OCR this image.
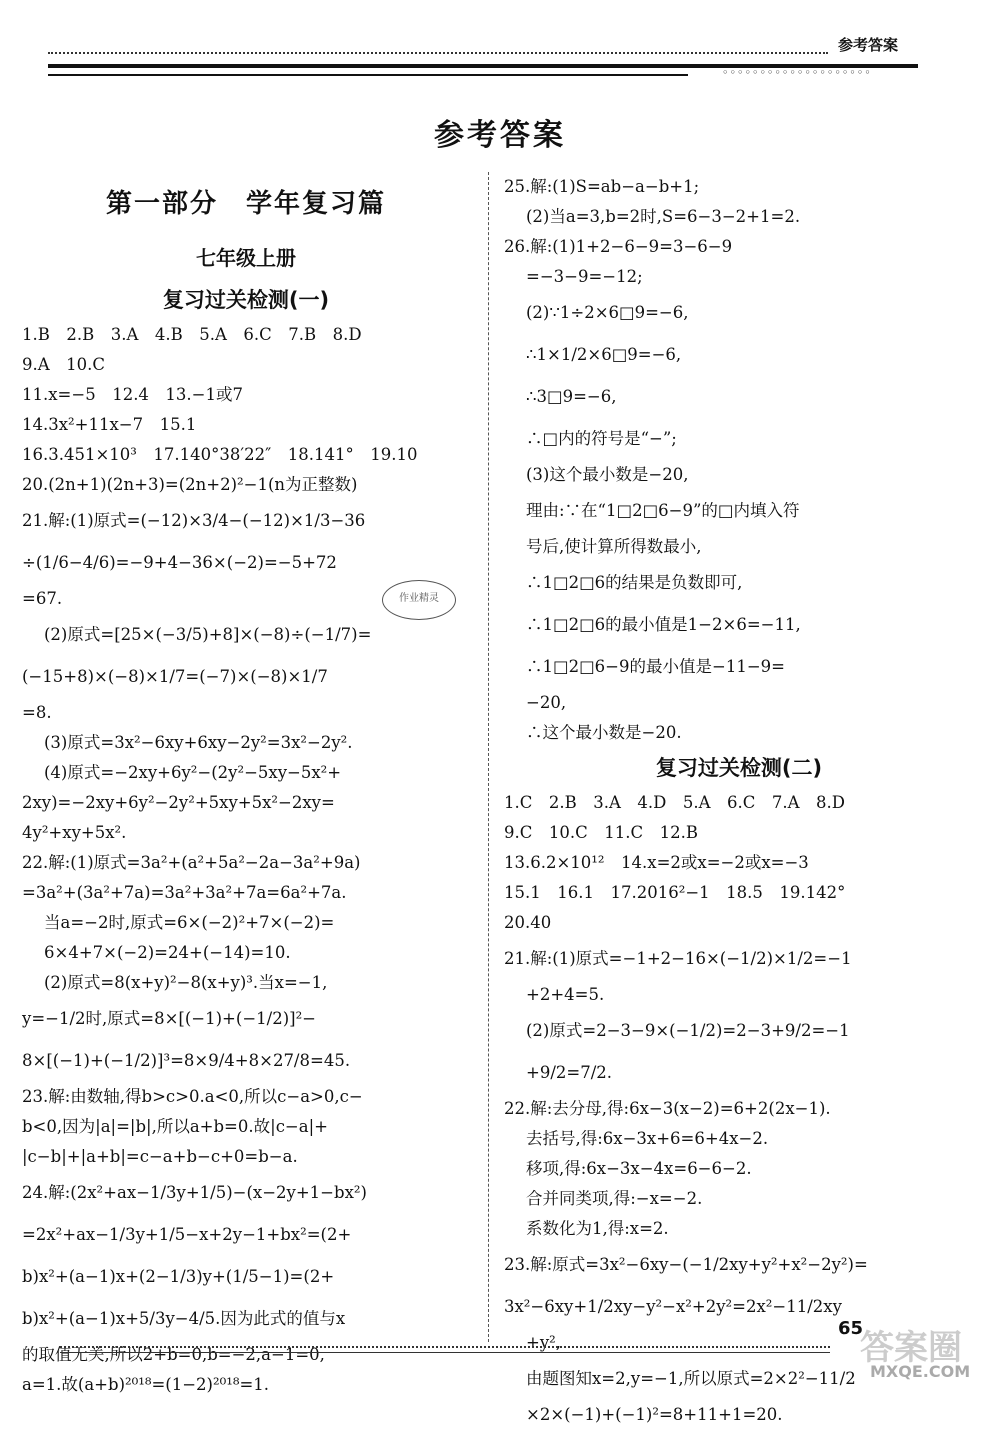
参考答案
◦◦◦◦◦◦◦◦◦◦◦◦◦◦◦◦◦◦◦◦
参考答案
第一部分　学年复习篇
七年级上册
复习过关检测(一)
1.B　2.B　3.A　4.B　5.A　6.C　7.B　8.D
9.A　10.C
11.x=−5　12.4　13.−1或7
14.3x²+11x−7　15.1
16.3.451×10³　17.140°38′22″　18.141°　19.10
20.(2n+1)(2n+3)=(2n+2)²−1(n为正整数)
21.解:(1)原式=(−12)×3/4−(−12)×1/3−36
÷(1/6−4/6)=−9+4−36×(−2)=−5+72
=67.
(2)原式=[25×(−3/5)+8]×(−8)÷(−1/7)=
(−15+8)×(−8)×1/7=(−7)×(−8)×1/7
=8.
(3)原式=3x²−6xy+6xy−2y²=3x²−2y².
(4)原式=−2xy+6y²−(2y²−5xy−5x²+
2xy)=−2xy+6y²−2y²+5xy+5x²−2xy=
4y²+xy+5x².
22.解:(1)原式=3a²+(a²+5a²−2a−3a²+9a)
=3a²+(3a²+7a)=3a²+3a²+7a=6a²+7a.
当a=−2时,原式=6×(−2)²+7×(−2)=
6×4+7×(−2)=24+(−14)=10.
(2)原式=8(x+y)²−8(x+y)³.当x=−1,
y=−1/2时,原式=8×[(−1)+(−1/2)]²−
8×[(−1)+(−1/2)]³=8×9/4+8×27/8=45.
23.解:由数轴,得b>c>0.a<0,所以c−a>0,c−
b<0,因为|a|=|b|,所以a+b=0.故|c−a|+
|c−b|+|a+b|=c−a+b−c+0=b−a.
24.解:(2x²+ax−1/3y+1/5)−(x−2y+1−bx²)
=2x²+ax−1/3y+1/5−x+2y−1+bx²=(2+
b)x²+(a−1)x+(2−1/3)y+(1/5−1)=(2+
b)x²+(a−1)x+5/3y−4/5.因为此式的值与x
的取值无关,所以2+b=0,b=−2,a−1=0,
a=1.故(a+b)²⁰¹⁸=(1−2)²⁰¹⁸=1.
25.解:(1)S=ab−a−b+1;
(2)当a=3,b=2时,S=6−3−2+1=2.
26.解:(1)1+2−6−9=3−6−9
=−3−9=−12;
(2)∵1÷2×6□9=−6,
∴1×1/2×6□9=−6,
∴3□9=−6,
∴□内的符号是“−”;
(3)这个最小数是−20,
理由:∵在“1□2□6−9”的□内填入符
号后,使计算所得数最小,
∴1□2□6的结果是负数即可,
∴1□2□6的最小值是1−2×6=−11,
∴1□2□6−9的最小值是−11−9=
−20,
∴这个最小数是−20.
复习过关检测(二)
1.C　2.B　3.A　4.D　5.A　6.C　7.A　8.D
9.C　10.C　11.C　12.B
13.6.2×10¹²　14.x=2或x=−2或x=−3
15.1　16.1　17.2016²−1　18.5　19.142°
20.40
21.解:(1)原式=−1+2−16×(−1/2)×1/2=−1
+2+4=5.
(2)原式=2−3−9×(−1/2)=2−3+9/2=−1
+9/2=7/2.
22.解:去分母,得:6x−3(x−2)=6+2(2x−1).
去括号,得:6x−3x+6=6+4x−2.
移项,得:6x−3x−4x=6−6−2.
合并同类项,得:−x=−2.
系数化为1,得:x=2.
23.解:原式=3x²−6xy−(−1/2xy+y²+x²−2y²)=
3x²−6xy+1/2xy−y²−x²+2y²=2x²−11/2xy
+y²,
由题图知x=2,y=−1,所以原式=2×2²−11/2
×2×(−1)+(−1)²=8+11+1=20.
作业精灵
65
答案圈
MXQE.COM
